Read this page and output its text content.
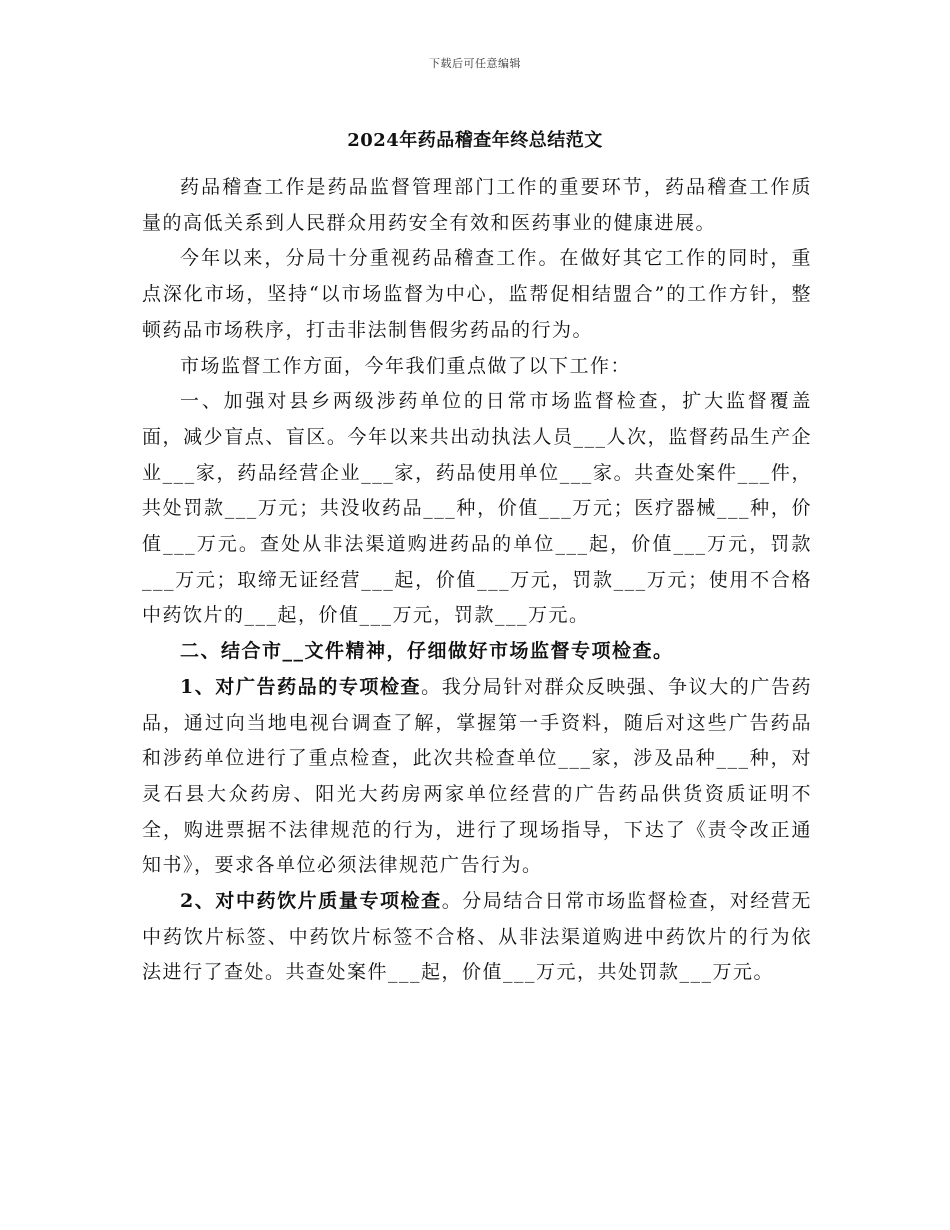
下载后可任意编辑
2024年药品稽查年终总结范文

药品稽查工作是药品监督管理部门工作的重要环节，药品稽查工作质量的高低关系到人民群众用药安全有效和医药事业的健康进展。

今年以来，分局十分重视药品稽查工作。在做好其它工作的同时，重点深化市场，坚持“以市场监督为中心，监帮促相结盟合”的工作方针，整顿药品市场秩序，打击非法制售假劣药品的行为。

市场监督工作方面，今年我们重点做了以下工作：

一、加强对县乡两级涉药单位的日常市场监督检查，扩大监督覆盖面，减少盲点、盲区。今年以来共出动执法人员___人次，监督药品生产企业___家，药品经营企业___家，药品使用单位___家。共查处案件___件，共处罚款___万元；共没收药品___种，价值___万元；医疗器械___种，价值___万元。查处从非法渠道购进药品的单位___起，价值___万元，罚款___万元；取缔无证经营___起，价值___万元，罚款___万元；使用不合格中药饮片的___起，价值___万元，罚款___万元。

二、结合市__文件精神，仔细做好市场监督专项检查。

1、对广告药品的专项检查。我分局针对群众反映强、争议大的广告药品，通过向当地电视台调查了解，掌握第一手资料，随后对这些广告药品和涉药单位进行了重点检查，此次共检查单位___家，涉及品种___种，对灵石县大众药房、阳光大药房两家单位经营的广告药品供货资质证明不全，购进票据不法律规范的行为，进行了现场指导，下达了《责令改正通知书》，要求各单位必须法律规范广告行为。

2、对中药饮片质量专项检查。分局结合日常市场监督检查，对经营无中药饮片标签、中药饮片标签不合格、从非法渠道购进中药饮片的行为依法进行了查处。共查处案件___起，价值___万元，共处罚款___万元。
